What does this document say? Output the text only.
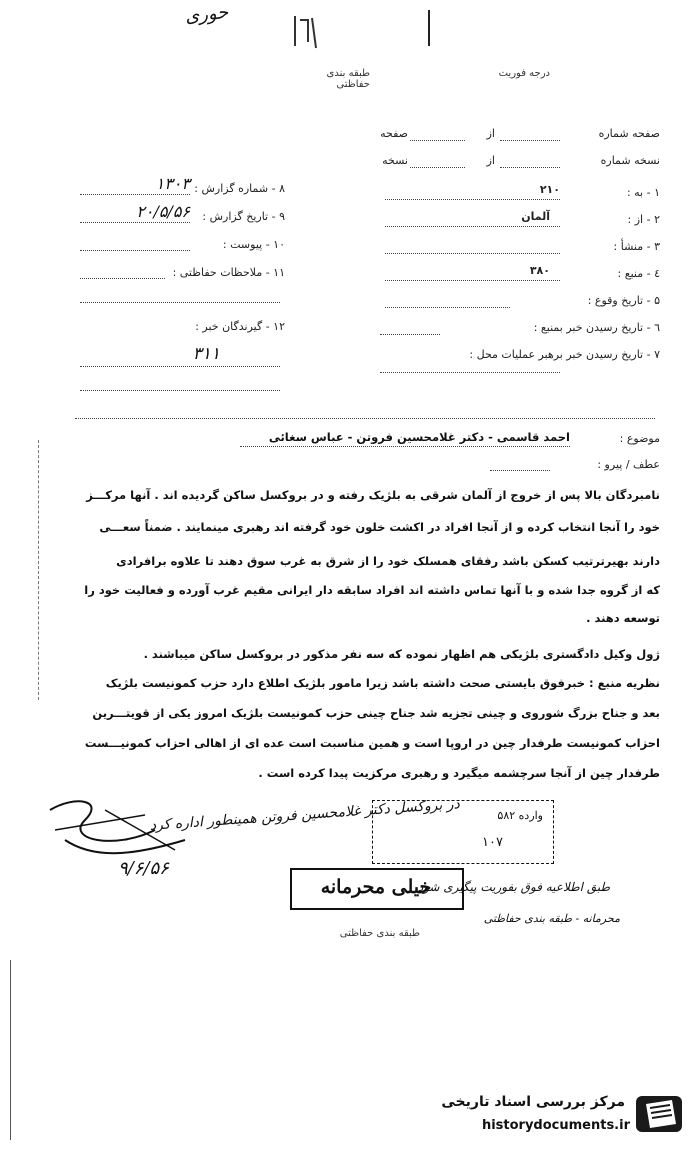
حوری
درجه فوریت
طبقه بندی حفاظتی
صفحه شماره
از
صفحه
نسخه شماره
از
نسخه
۱ - به :
۲۱۰
۲ - از :
آلمان
۳ - منشأ :
٤ - منبع :
۳۸۰
۵ - تاریخ وقوع :
٦ - تاریخ رسیدن خبر بمنبع :
۷ - تاریخ رسیدن خبر برهبر عملیات محل :
۸ - شماره گزارش :
۱۳۰۳
۹ - تاریخ گزارش :
۲۰/۵/۵۶
۱۰ - پیوست :
۱۱ - ملاحظات حفاظتی :
۱۲ - گیرندگان خبر :
۳۱۱
موضوع :
احمد قاسمی - دکتر غلامحسین فروتن - عباس سغائی
عطف / پیرو :
نامبردگان بالا پس از خروج از آلمان شرقی به بلژیک رفته و در بروکسل ساکن گردیده اند . آنها مرکـــز
خود را آنجا انتخاب کرده و از آنجا افراد در اکشت خلون خود گرفته اند رهبری مینمایند . ضمناً سعـــی
دارند بهیرترتیب کسکن باشد رفقای همسلک خود را از شرق به غرب سوق دهند تا علاوه برافرادی
که از گروه جدا شده و با آنها تماس داشته اند افراد سابقه دار ایرانی مقیم غرب آورده و فعالیت خود را
توسعه دهند .
ژول وکیل دادگستری بلژیکی هم اظهار نموده که سه نفر مذکور در بروکسل ساکن میباشند .
نظریه منبع : خبرفوق بایستی صحت داشته باشد زیرا مامور بلژیک اطلاع دارد حزب کمونیست بلژیک
بعد و جناح بزرگ شوروی و چینی تجزیه شد جناح چینی حزب کمونیست بلژیک امروز یکی از قویتـــرین
احزاب کمونیست طرفدار چین در اروپا است و همین مناسبت است عده ای از اهالی احزاب کمونیـــست
طرفدار چین از آنجا سرچشمه میگیرد و رهبری مرکزیت پیدا کرده است .
در بروکسل دکتر غلامحسین فروتن همینطور اداره کرد
۹/۶/۵۶
وارده ۵۸۲
۱۰۷
خیلی محرمانه
طبق اطلاعیه فوق بفوریت پیگیری شود
محرمانه - طبقه بندی حفاظتی
طبقه بندی حفاظتی
مرکز بررسی اسناد تاریخی
historydocuments.ir
